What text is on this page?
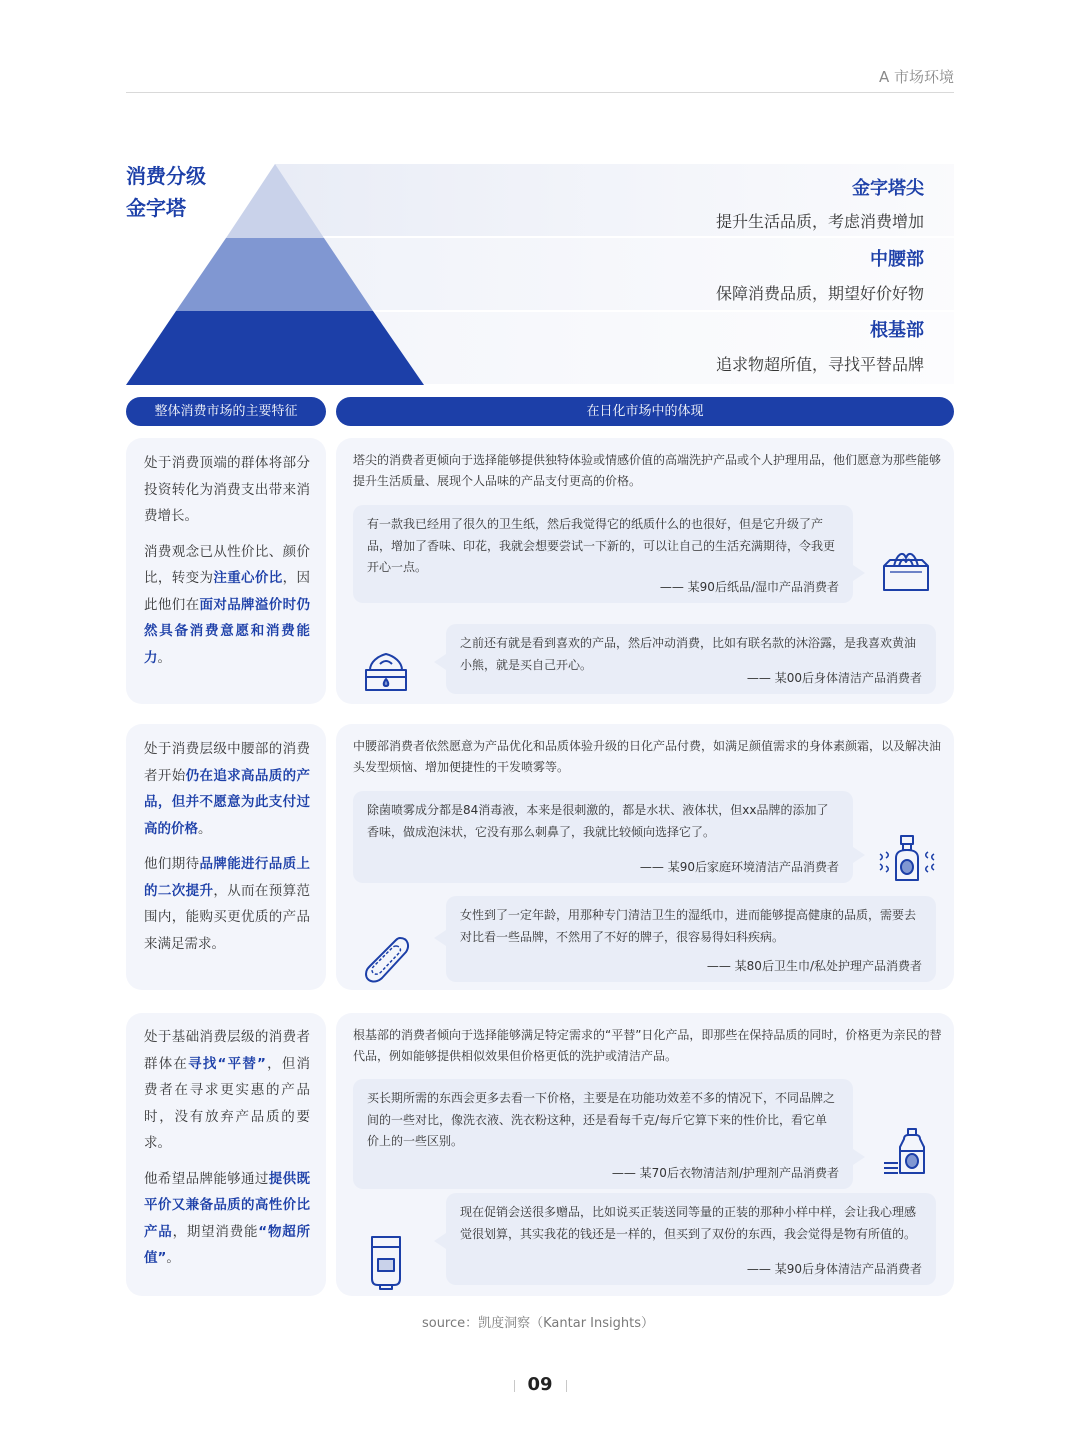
A 市场环境
消费分级
金字塔
金字塔尖
提升生活品质，考虑消费增加
中腰部
保障消费品质，期望好价好物
根基部
追求物超所值，寻找平替品牌
整体消费市场的主要特征	在日化市场中的体现

处于消费顶端的群体将部分投资转化为消费支出带来消费增长。

消费观念已从性价比、颜价比，转变为注重心价比，因此他们在面对品牌溢价时仍然具备消费意愿和消费能力。

塔尖的消费者更倾向于选择能够提供独特体验或情感价值的高端洗护产品或个人护理用品，他们愿意为那些能够提升生活质量、展现个人品味的产品支付更高的价格。
有一款我已经用了很久的卫生纸，然后我觉得它的纸质什么的也很好，但是它升级了产品，增加了香味、印花，我就会想要尝试一下新的，可以让自己的生活充满期待，令我更开心一点。
—— 某90后纸品/湿巾产品消费者
之前还有就是看到喜欢的产品，然后冲动消费，比如有联名款的沐浴露，是我喜欢黄油小熊，就是买自己开心。
—— 某00后身体清洁产品消费者

处于消费层级中腰部的消费者开始仍在追求高品质的产品，但并不愿意为此支付过高的价格。

他们期待品牌能进行品质上的二次提升，从而在预算范围内，能购买更优质的产品来满足需求。

中腰部消费者依然愿意为产品优化和品质体验升级的日化产品付费，如满足颜值需求的身体素颜霜，以及解决油头发型烦恼、增加便捷性的干发喷雾等。
除菌喷雾成分都是84消毒液，本来是很刺激的，都是水状、液体状，但xx品牌的添加了香味，做成泡沫状，它没有那么刺鼻了，我就比较倾向选择它了。
—— 某90后家庭环境清洁产品消费者
女性到了一定年龄，用那种专门清洁卫生的湿纸巾，进而能够提高健康的品质，需要去对比看一些品牌，不然用了不好的牌子，很容易得妇科疾病。
—— 某80后卫生巾/私处护理产品消费者

处于基础消费层级的消费者群体在寻找“平替”，但消费者在寻求更实惠的产品时，没有放弃产品质的要求。

他希望品牌能够通过提供既平价又兼备品质的高性价比产品，期望消费能“物超所值”。

根基部的消费者倾向于选择能够满足特定需求的“平替”日化产品，即那些在保持品质的同时，价格更为亲民的替代品，例如能够提供相似效果但价格更低的洗护或清洁产品。
买长期所需的东西会更多去看一下价格，主要是在功能功效差不多的情况下，不同品牌之间的一些对比，像洗衣液、洗衣粉这种，还是看每千克/每斤它算下来的性价比，看它单价上的一些区别。
—— 某70后衣物清洁剂/护理剂产品消费者
现在促销会送很多赠品，比如说买正装送同等量的正装的那种小样中样，会让我心理感觉很划算，其实我花的钱还是一样的，但买到了双份的东西，我会觉得是物有所值的。
—— 某90后身体清洁产品消费者
source：凯度洞察（Kantar Insights）
09
